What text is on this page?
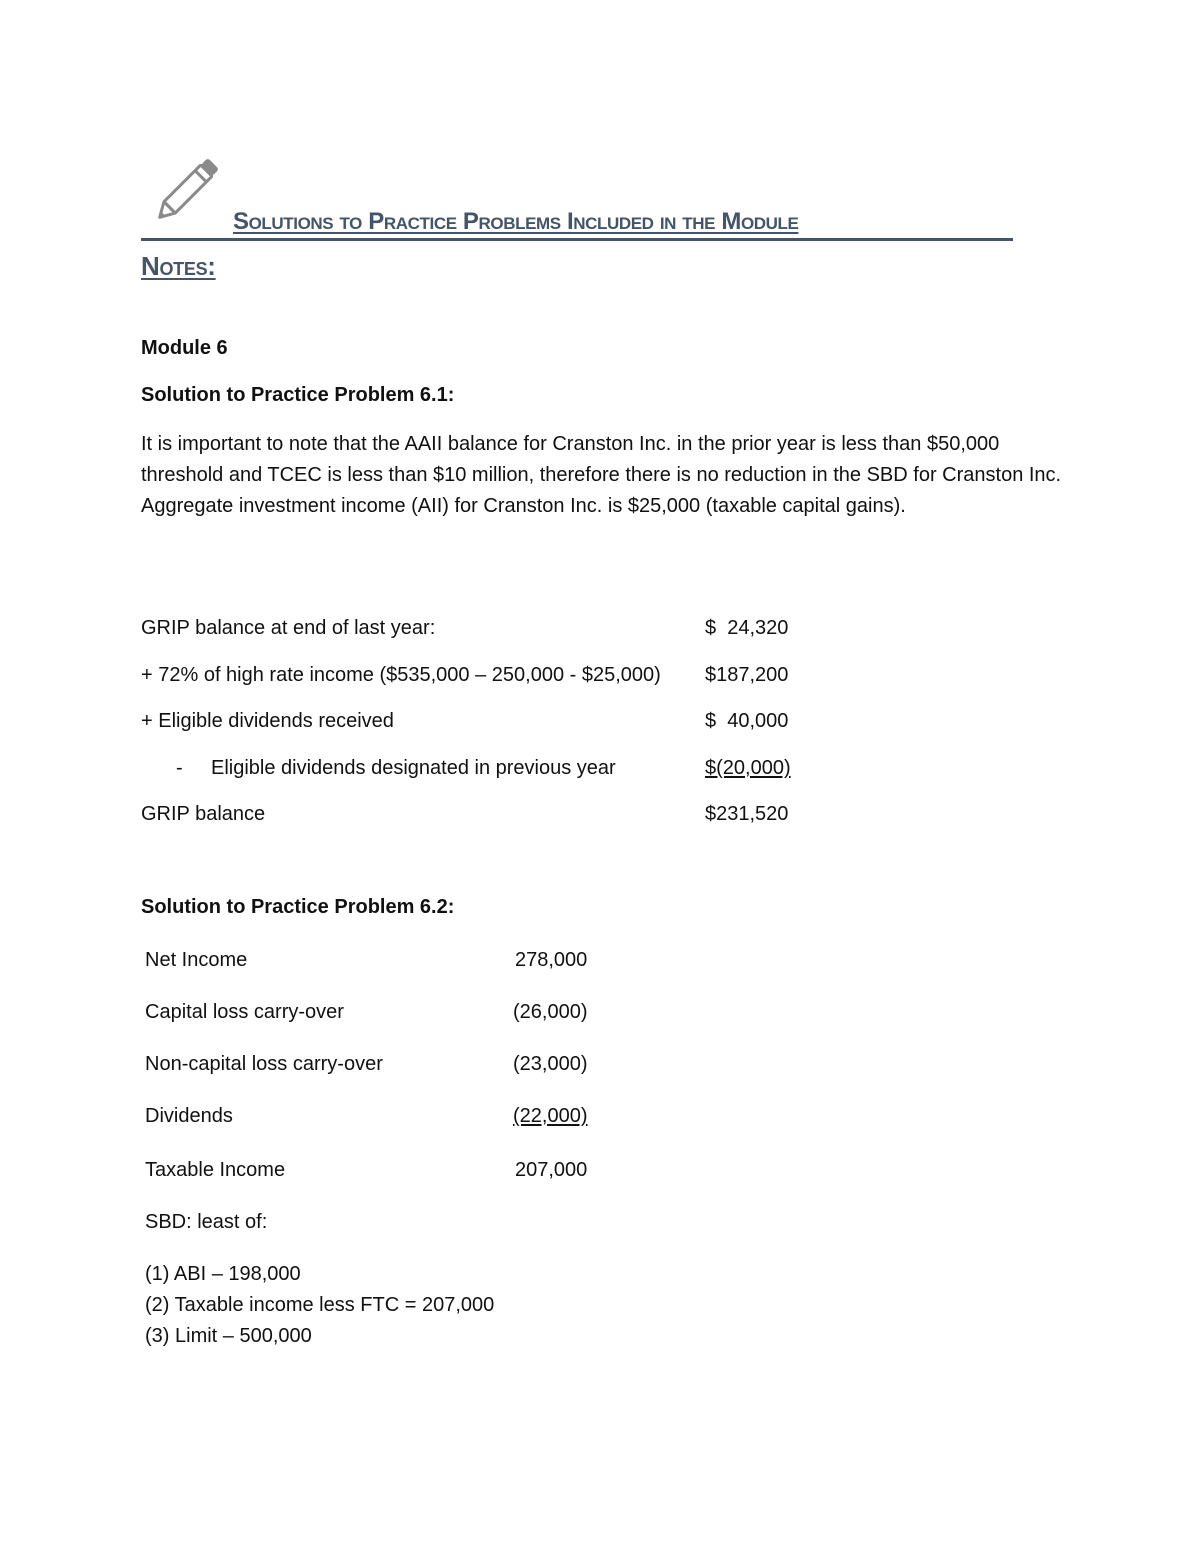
Solutions to Practice Problems Included in the Module
Notes:
Module 6
Solution to Practice Problem 6.1:
It is important to note that the AAII balance for Cranston Inc. in the prior year is less than $50,000 threshold and TCEC is less than $10 million, therefore there is no reduction in the SBD for Cranston Inc. Aggregate investment income (AII) for Cranston Inc. is $25,000 (taxable capital gains).
GRIP balance at end of last year:	$  24,320
+ 72% of high rate income ($535,000 – 250,000 - $25,000) $187,200
+ Eligible dividends received	$  40,000
- Eligible dividends designated in previous year	$(20,000)
GRIP balance	$231,520
Solution to Practice Problem 6.2:
Net Income	278,000
Capital loss carry-over	(26,000)
Non-capital loss carry-over	(23,000)
Dividends	(22,000)
Taxable Income	207,000
SBD: least of:
(1) ABI – 198,000
(2) Taxable income less FTC = 207,000
(3) Limit – 500,000
